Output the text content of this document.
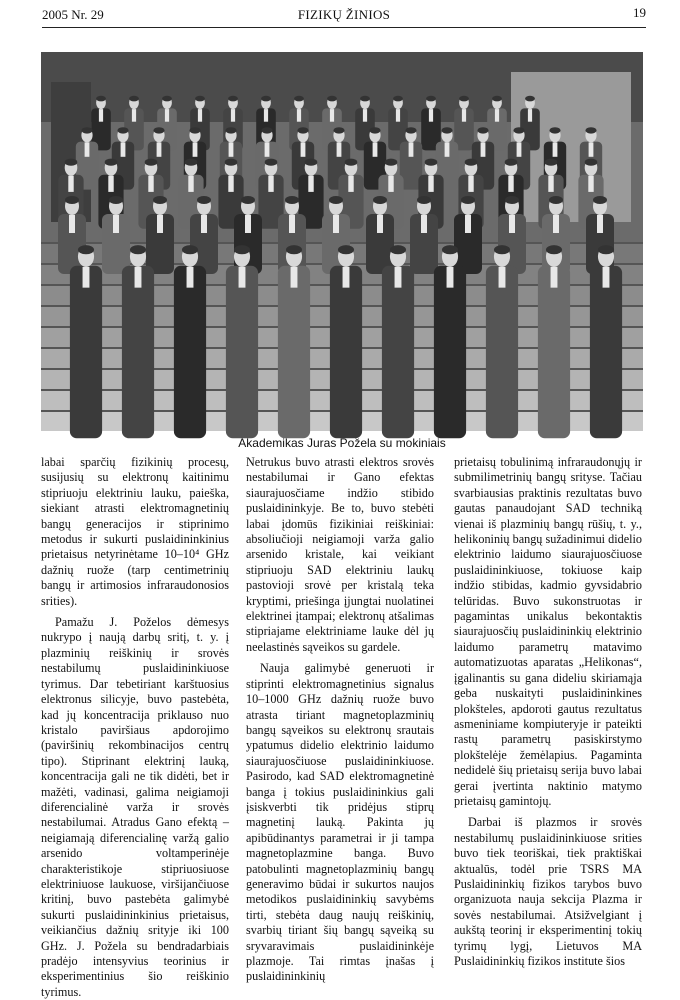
2005 Nr. 29	FIZIKŲ ŽINIOS	19
Akademikas Juras Požela su mokiniais

labai sparčių fizikinių procesų, susijusių su elektronų kaitinimu stipriuoju elektriniu lauku, paieška, siekiant atrasti elektromagnetinių bangų generacijos ir stiprinimo metodus ir sukurti puslaidininkinius prietaisus netyrinėtame 10–10⁴ GHz dažnių ruože (tarp centimetrinių bangų ir artimosios infraraudonosios srities).

Pamažu J. Poželos dėmesys nukrypo į naują darbų sritį, t. y. į plazminių reiškinių ir srovės nestabilumų puslaidininkiuose tyrimus. Dar tebetiriant karštuosius elektronus silicyje, buvo pastebėta, kad jų koncentracija priklauso nuo kristalo paviršiaus apdorojimo (paviršinių rekombinacijos centrų tipo). Stiprinant elektrinį lauką, koncentracija gali ne tik didėti, bet ir mažėti, vadinasi, galima neigiamoji diferencialinė varža ir srovės nestabilumai. Atradus Gano efektą – neigiamają diferencialinę varžą galio arsenido voltamperinėje charakteristikoje stipriuosiuose elektriniuose laukuose, viršijančiuose kritinį, buvo pastebėta galimybė sukurti puslaidininkinius prietaisus, veikiančius dažnių srityje iki 100 GHz. J. Požela su bendradarbiais pradėjo intensyvius teorinius ir eksperimentinius šio reiškinio tyrimus.

Netrukus buvo atrasti elektros srovės nestabilumai ir Gano efektas siaurajuosčiame indžio stibido puslaidininkyje. Be to, buvo stebėti labai įdomūs fizikiniai reiškiniai: absoliučioji neigiamoji varža galio arsenido kristale, kai veikiant stipriuoju SAD elektriniu laukų pastovioji srovė per kristalą teka kryptimi, priešinga įjungtai nuolatinei elektrinei įtampai; elektronų atšalimas stipriajame elektriniame lauke dėl jų neelastinės sąveikos su gardele.

Nauja galimybė generuoti ir stiprinti elektromagnetinius signalus 10–1000 GHz dažnių ruože buvo atrasta tiriant magnetoplazminių bangų sąveikos su elektronų srautais ypatumus didelio elektrinio laidumo siaurajuosčiuose puslaidininkiuose. Pasirodo, kad SAD elektromagnetinė banga į tokius puslaidininkius gali įsiskverbti tik pridėjus stiprų magnetinį lauką. Pakinta jų apibūdinantys parametrai ir ji tampa magnetoplazmine banga. Buvo patobulinti magnetoplazminių bangų generavimo būdai ir sukurtos naujos metodikos puslaidininkių savybėms tirti, stebėta daug naujų reiškinių, svarbių tiriant šių bangų sąveiką su sryvaravimais puslaidininkėje plazmoje. Tai rimtas įnašas į puslaidininkinių

prietaisų tobulinimą infraraudonųjų ir submilimetrinių bangų srityse. Tačiau svarbiausias praktinis rezultatas buvo gautas panaudojant SAD techniką vienai iš plazminių bangų rūšių, t. y., helikoninių bangų sužadinimui didelio elektrinio laidumo siaurajuosčiuose puslaidininkiuose, tokiuose kaip indžio stibidas, kadmio gyvsidabrio telūridas. Buvo sukonstruotas ir pagamintas unikalus bekontaktis siaurajuosčių puslaidininkių elektrinio laidumo parametrų matavimo automatizuotas aparatas „Helikonas“, įgalinantis su gana dideliu skiriamąja geba nuskaityti puslaidininkines plokšteles, apdoroti gautus rezultatus asmeniniame kompiuteryje ir pateikti rastų parametrų pasiskirstymo plokštelėje žemėlapius. Pagaminta nedidelė šių prietaisų serija buvo labai gerai įvertinta naktinio matymo prietaisų gamintojų.

Darbai iš plazmos ir srovės nestabilumų puslaidininkiuose srities buvo tiek teoriškai, tiek praktiškai aktualūs, todėl prie TSRS MA Puslaidininkių fizikos tarybos buvo organizuota nauja sekcija Plazma ir sovės nestabilumai. Atsižvelgiant į aukštą teorinį ir eksperimentinį tokių tyrimų lygį, Lietuvos MA Puslaidininkių fizikos institute šios
